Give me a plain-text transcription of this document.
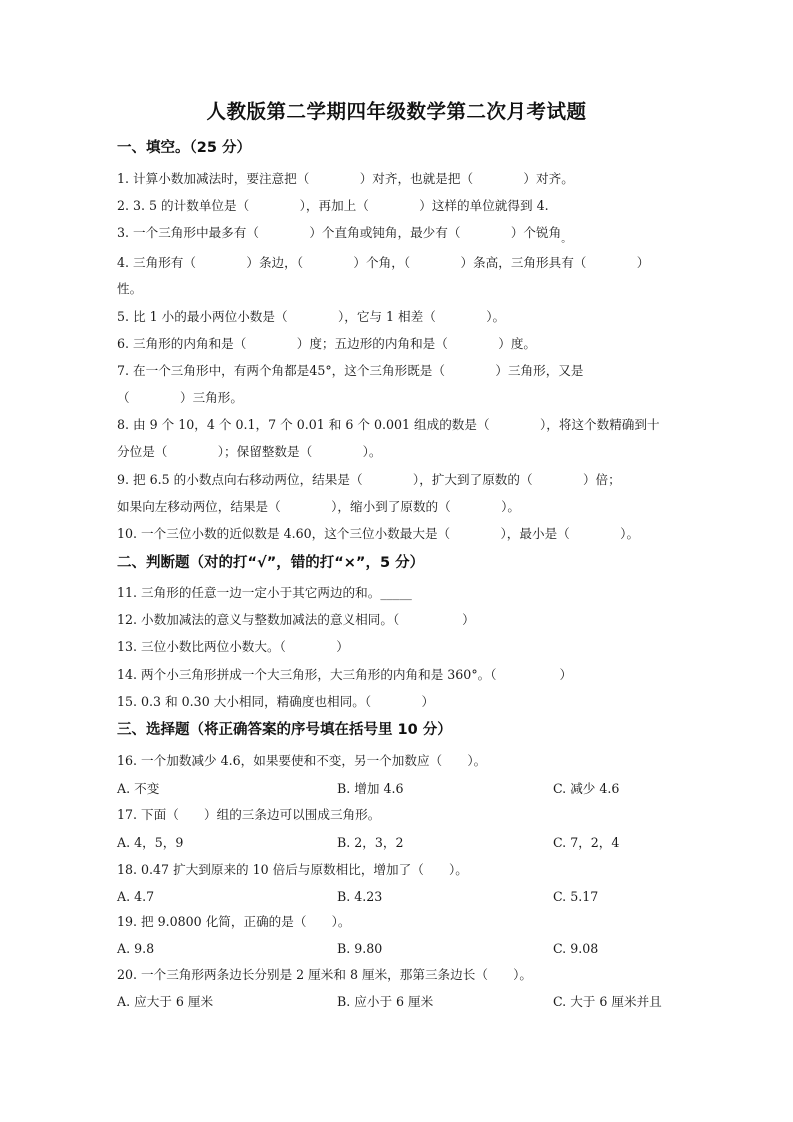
人教版第二学期四年级数学第二次月考试题
一、填空。（25 分）
1. 计算小数加减法时，要注意把（　　　　）对齐，也就是把（　　　　）对齐。
2. 3. 5 的计数单位是（　　　　），再加上（　　　　）这样的单位就得到 4.
3. 一个三角形中最多有（　　　　）个直角或钝角，最少有（　　　　）个锐角$_。$
4. 三角形有（　　　　）条边，（　　　　）个角，（　　　　）条高，三角形具有（　　　　）
性。
5. 比 1 小的最小两位小数是（　　　　），它与 1 相差（　　　　）。
6. 三角形的内角和是（　　　　）度；五边形的内角和是（　　　　）度。
7. 在一个三角形中，有两个角都是45°，这个三角形既是（　　　　）三角形，又是
（　　　　）三角形。
8. 由 9 个 10，4 个 0.1，7 个 0.01 和 6 个 0.001 组成的数是（　　　　），将这个数精确到十
分位是（　　　　）；保留整数是（　　　　）。
9. 把 6.5 的小数点向右移动两位，结果是（　　　　），扩大到了原数的（　　　　）倍；
如果向左移动两位，结果是（　　　　），缩小到了原数的（　　　　）。
10. 一个三位小数的近似数是 4.60，这个三位小数最大是（　　　　），最小是（　　　　）。
二、判断题（对的打“√”，错的打“×”，5 分）
11. 三角形的任意一边一定小于其它两边的和。_____
12. 小数加减法的意义与整数加减法的意义相同。（　　　　　）
13. 三位小数比两位小数大。（　　　　）
14. 两个小三角形拼成一个大三角形，大三角形的内角和是 360°。（　　　　　）
15. 0.3 和 0.30 大小相同，精确度也相同。（　　　　）
三、选择题（将正确答案的序号填在括号里 10 分）
16. 一个加数减少 4.6，如果要使和不变，另一个加数应（　　）。
A. 不变	B. 增加 4.6	C. 减少 4.6
17. 下面（　　）组的三条边可以围成三角形。
A. 4，5，9	B. 2，3，2	C. 7，2，4
18. 0.47 扩大到原来的 10 倍后与原数相比，增加了（　　）。
A. 4.7	B. 4.23	C. 5.17
19. 把 9.0800 化简，正确的是（　　）。
A. 9.8	B. 9.80	C. 9.08
20. 一个三角形两条边长分别是 2 厘米和 8 厘米，那第三条边长（　　）。
A. 应大于 6 厘米	B. 应小于 6 厘米	C. 大于 6 厘米并且
